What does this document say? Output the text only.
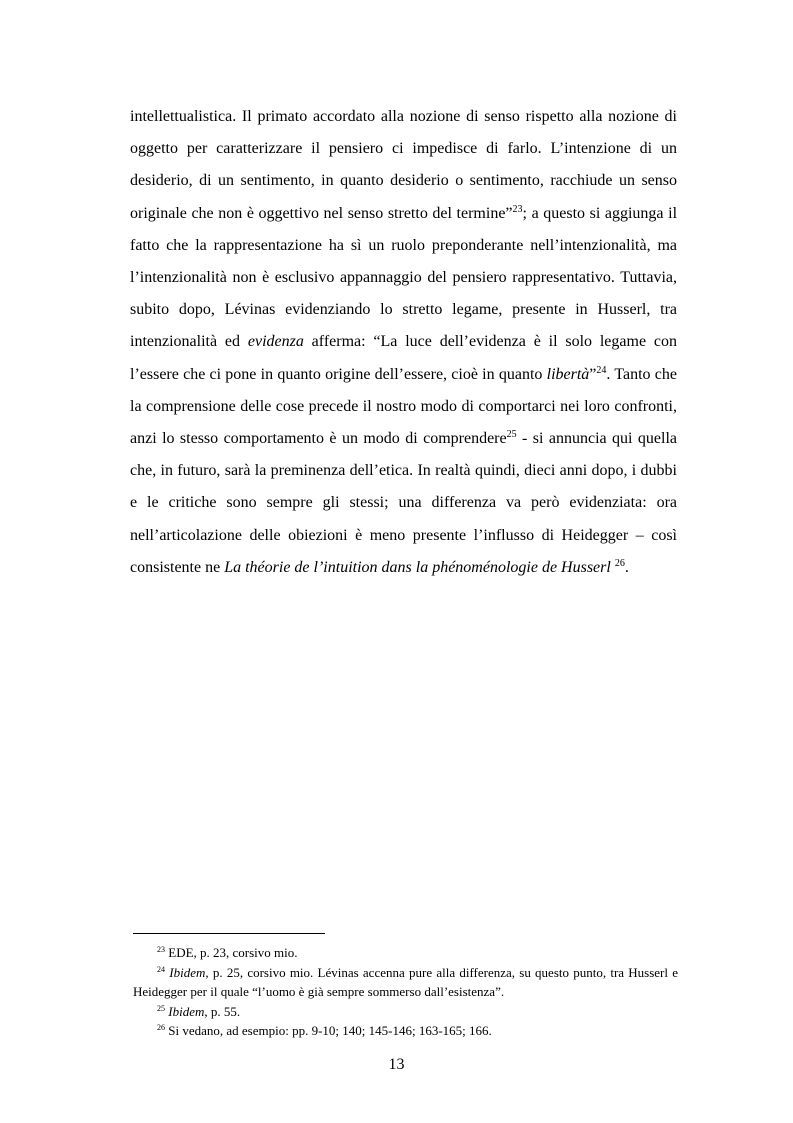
intellettualistica. Il primato accordato alla nozione di senso rispetto alla nozione di oggetto per caratterizzare il pensiero ci impedisce di farlo. L’intenzione di un desiderio, di un sentimento, in quanto desiderio o sentimento, racchiude un senso originale che non è oggettivo nel senso stretto del termine”$^{23}$; a questo si aggiunga il fatto che la rappresentazione ha sì un ruolo preponderante nell’intenzionalità, ma l’intenzionalità non è esclusivo appannaggio del pensiero rappresentativo. Tuttavia, subito dopo, Lévinas evidenziando lo stretto legame, presente in Husserl, tra intenzionalità ed evidenza afferma: “La luce dell’evidenza è il solo legame con l’essere che ci pone in quanto origine dell’essere, cioè in quanto libertà”$^{24}$. Tanto che la comprensione delle cose precede il nostro modo di comportarci nei loro confronti, anzi lo stesso comportamento è un modo di comprendere$^{25}$ - si annuncia qui quella che, in futuro, sarà la preminenza dell’etica. In realtà quindi, dieci anni dopo, i dubbi e le critiche sono sempre gli stessi; una differenza va però evidenziata: ora nell’articolazione delle obiezioni è meno presente l’influsso di Heidegger – così consistente ne La théorie de l’intuition dans la phénoménologie de Husserl $^{26}$.

$^{23}$ EDE, p. 23, corsivo mio.

$^{24}$ Ibidem, p. 25, corsivo mio. Lévinas accenna pure alla differenza, su questo punto, tra Husserl e Heidegger per il quale “l’uomo è già sempre sommerso dall’esistenza”.

$^{25}$ Ibidem, p. 55.

$^{26}$ Si vedano, ad esempio: pp. 9-10; 140; 145-146; 163-165; 166.

13
